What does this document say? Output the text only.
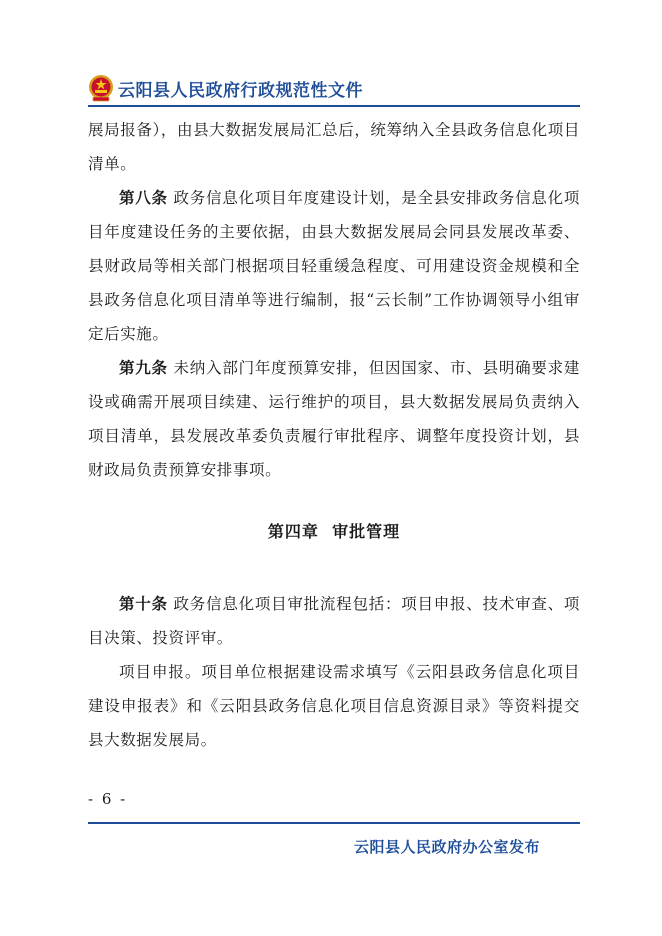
云阳县人民政府行政规范性文件

展局报备），由县大数据发展局汇总后，统筹纳入全县政务信息化项目清单。

第八条 政务信息化项目年度建设计划，是全县安排政务信息化项目年度建设任务的主要依据，由县大数据发展局会同县发展改革委、县财政局等相关部门根据项目轻重缓急程度、可用建设资金规模和全县政务信息化项目清单等进行编制，报“云长制”工作协调领导小组审定后实施。

第九条 未纳入部门年度预算安排，但因国家、市、县明确要求建设或确需开展项目续建、运行维护的项目，县大数据发展局负责纳入项目清单，县发展改革委负责履行审批程序、调整年度投资计划，县财政局负责预算安排事项。

第四章  审批管理

第十条 政务信息化项目审批流程包括：项目申报、技术审查、项目决策、投资评审。

项目申报。项目单位根据建设需求填写《云阳县政务信息化项目建设申报表》和《云阳县政务信息化项目信息资源目录》等资料提交县大数据发展局。

- 6 -
云阳县人民政府办公室发布
